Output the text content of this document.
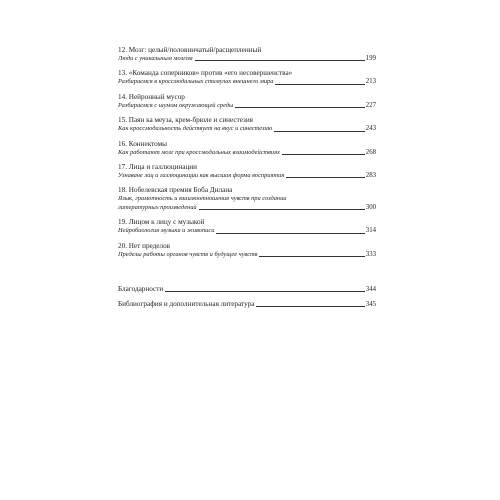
12. Мозг: целый/половинчатый/расщепленный
Люди с уникальным мозгом	199
13. «Команда соперников» против «его несовершенства»
Разбираемся в кроссмодальных стимулах внешнего мира	213
14. Нейронный мусор
Разбираемся с шумом окружающей среды	227
15. Паян ка меуза, крем-брюле и синестезия
Как кроссмодальность действует на вкус и синестезию	243
16. Коннектомы
Как работают мозг при кроссмодальных взаимодействиях	268
17. Лица и галлюцинации
Узнаване лиц и галлюцинации как высшая форма восприятия	283
18. Нобелевская премия Боба Дилана
Язык, грамотность и взаимоотношения чувств при создании
литературных произведений	300
19. Лицом к лицу с музыкой
Нейробиология музыки и живописи	314
20. Нет пределов
Пределы работы органов чувств и будущее чувств	333
Благодарности	344
Библиография и дополнительная литература	345
